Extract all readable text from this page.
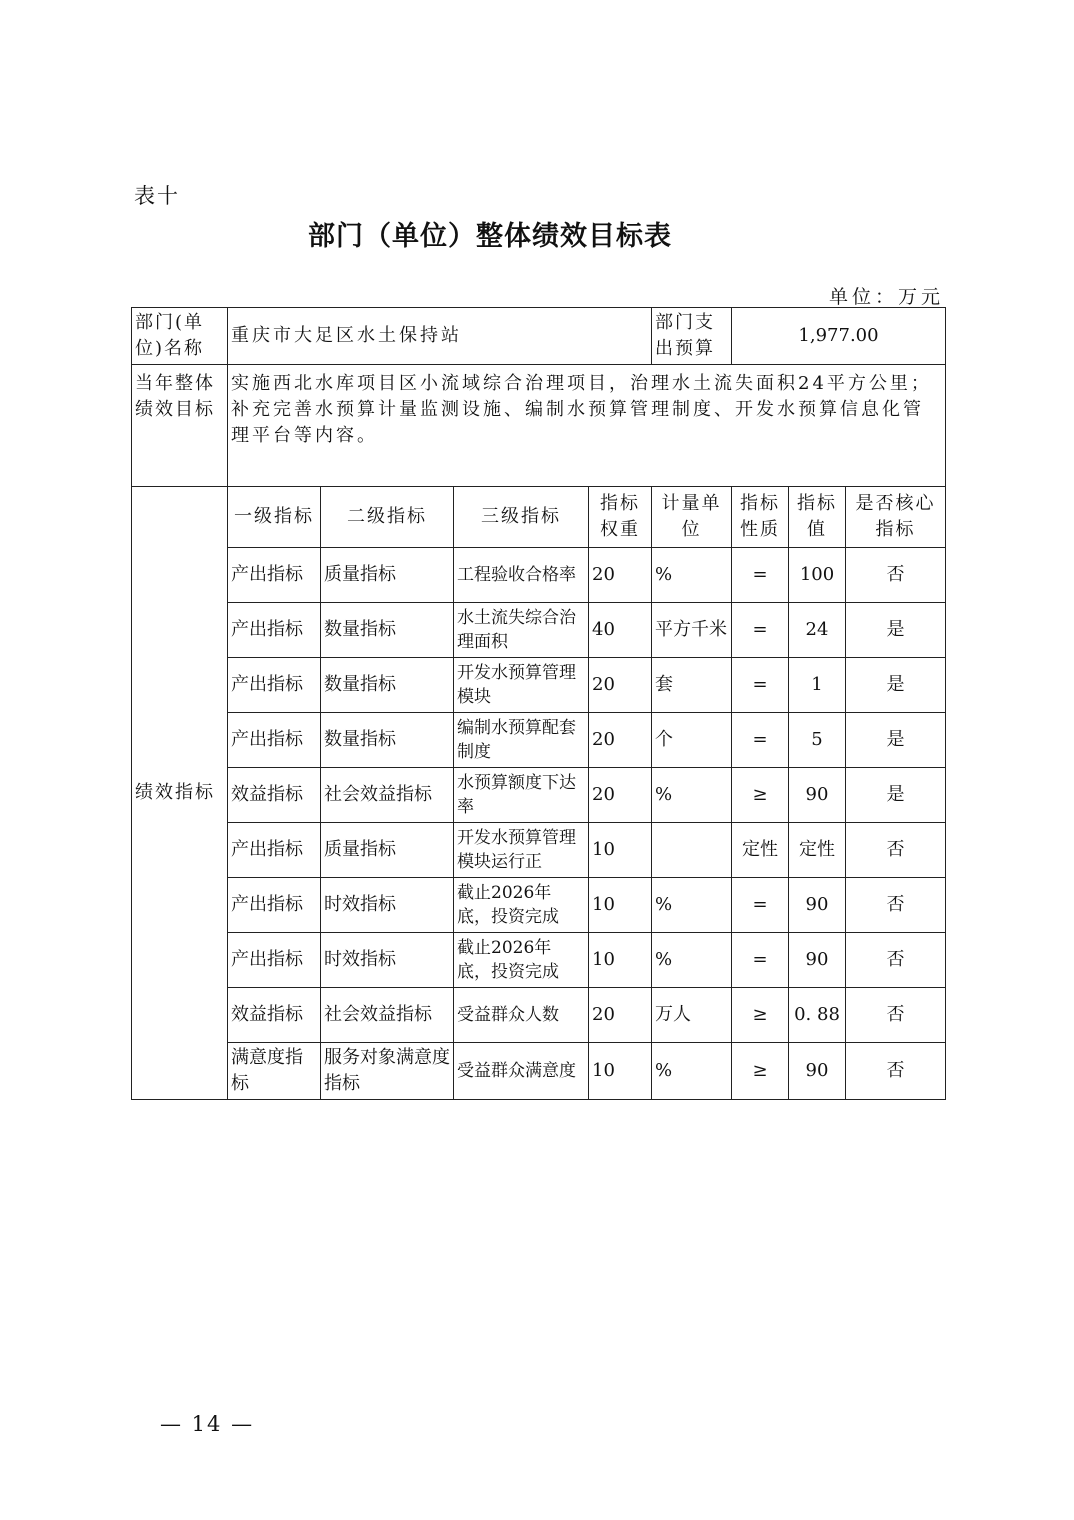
表十
部门（单位）整体绩效目标表
单位：万元
部门(单位)名称	重庆市大足区水土保持站				部门支出预算	1,977.00		
当年整体绩效目标	实施西北水库项目区小流域综合治理项目，治理水土流失面积24平方公里；补充完善水预算计量监测设施、编制水预算管理制度、开发水预算信息化管理平台等内容。							
绩效指标	一级指标	二级指标	三级指标	指标权重	计量单位	指标性质	指标值	是否核心指标
	产出指标	质量指标	工程验收合格率	20	%	=	100	否
	产出指标	数量指标	水土流失综合治理面积	40	平方千米	=	24	是
	产出指标	数量指标	开发水预算管理模块	20	套	=	1	是
	产出指标	数量指标	编制水预算配套制度	20	个	=	5	是
	效益指标	社会效益指标	水预算额度下达率	20	%	≥	90	是
	产出指标	质量指标	开发水预算管理模块运行正	10		定性	定性	否
	产出指标	时效指标	截止2026年底，投资完成	10	%	=	90	否
	产出指标	时效指标	截止2026年底，投资完成	10	%	=	90	否
	效益指标	社会效益指标	受益群众人数	20	万人	≥	0. 88	否
	满意度指标	服务对象满意度指标	受益群众满意度	10	%	≥	90	否
— 14 —
